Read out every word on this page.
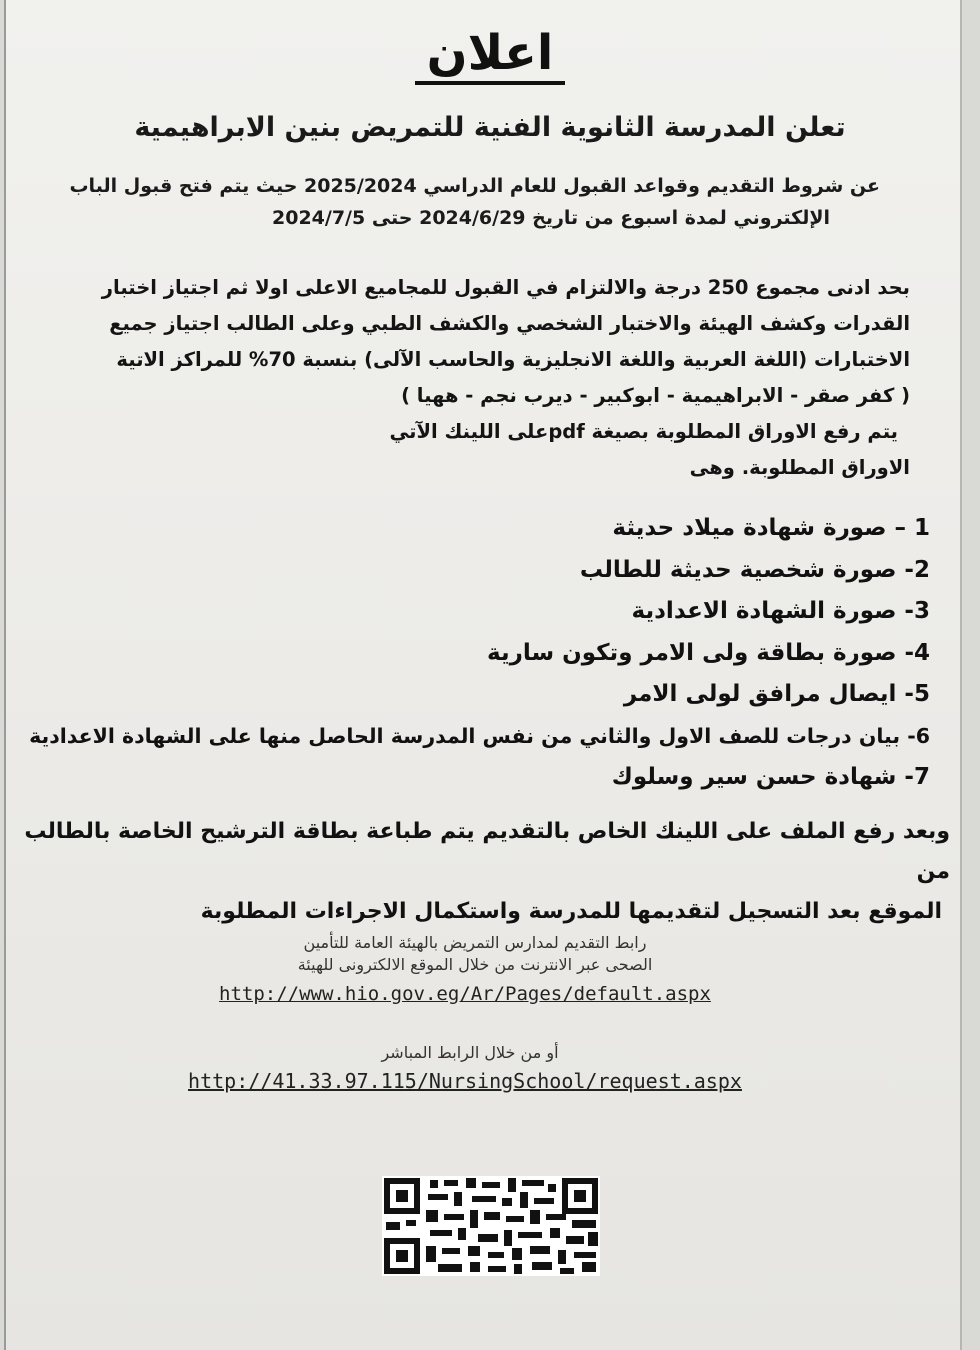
اعلان
تعلن المدرسة الثانوية الفنية للتمريض بنين الابراهيمية

عن شروط التقديم وقواعد القبول للعام الدراسي 2025/2024 حيث يتم فتح قبول الباب

الإلكتروني لمدة اسبوع من تاريخ 2024/6/29 حتى 2024/7/5

بحد ادنى مجموع 250 درجة والالتزام في القبول للمجاميع الاعلى اولا ثم اجتياز اختبار

القدرات وكشف الهيئة والاختبار الشخصي والكشف الطبي وعلى الطالب اجتياز جميع

الاختبارات (اللغة العربية واللغة الانجليزية والحاسب الآلى) بنسبة 70% للمراكز الاتية

( كفر صقر - الابراهيمية - ابوكبير - ديرب نجم - ههيا )

يتم رفع الاوراق المطلوبة بصيغة pdfعلى اللينك الآتي

الاوراق المطلوبة. وهى

1 – صورة شهادة ميلاد حديثة
2- صورة شخصية حديثة للطالب
3- صورة الشهادة الاعدادية
4- صورة بطاقة ولى الامر وتكون سارية
5- ايصال مرافق لولى الامر
6- بيان درجات للصف الاول والثاني من نفس المدرسة الحاصل منها على الشهادة الاعدادية
7- شهادة حسن سير وسلوك

وبعد رفع الملف على اللينك الخاص بالتقديم يتم طباعة بطاقة الترشيح الخاصة بالطالب من

الموقع بعد التسجيل لتقديمها للمدرسة واستكمال الاجراءات المطلوبة

رابط التقديم لمدارس التمريض بالهيئة العامة للتأمين

الصحى عبر الانترنت من خلال الموقع الالكترونى للهيئة

http://www.hio.gov.eg/Ar/Pages/default.aspx

أو من خلال الرابط المباشر

http://41.33.97.115/NursingSchool/request.aspx
